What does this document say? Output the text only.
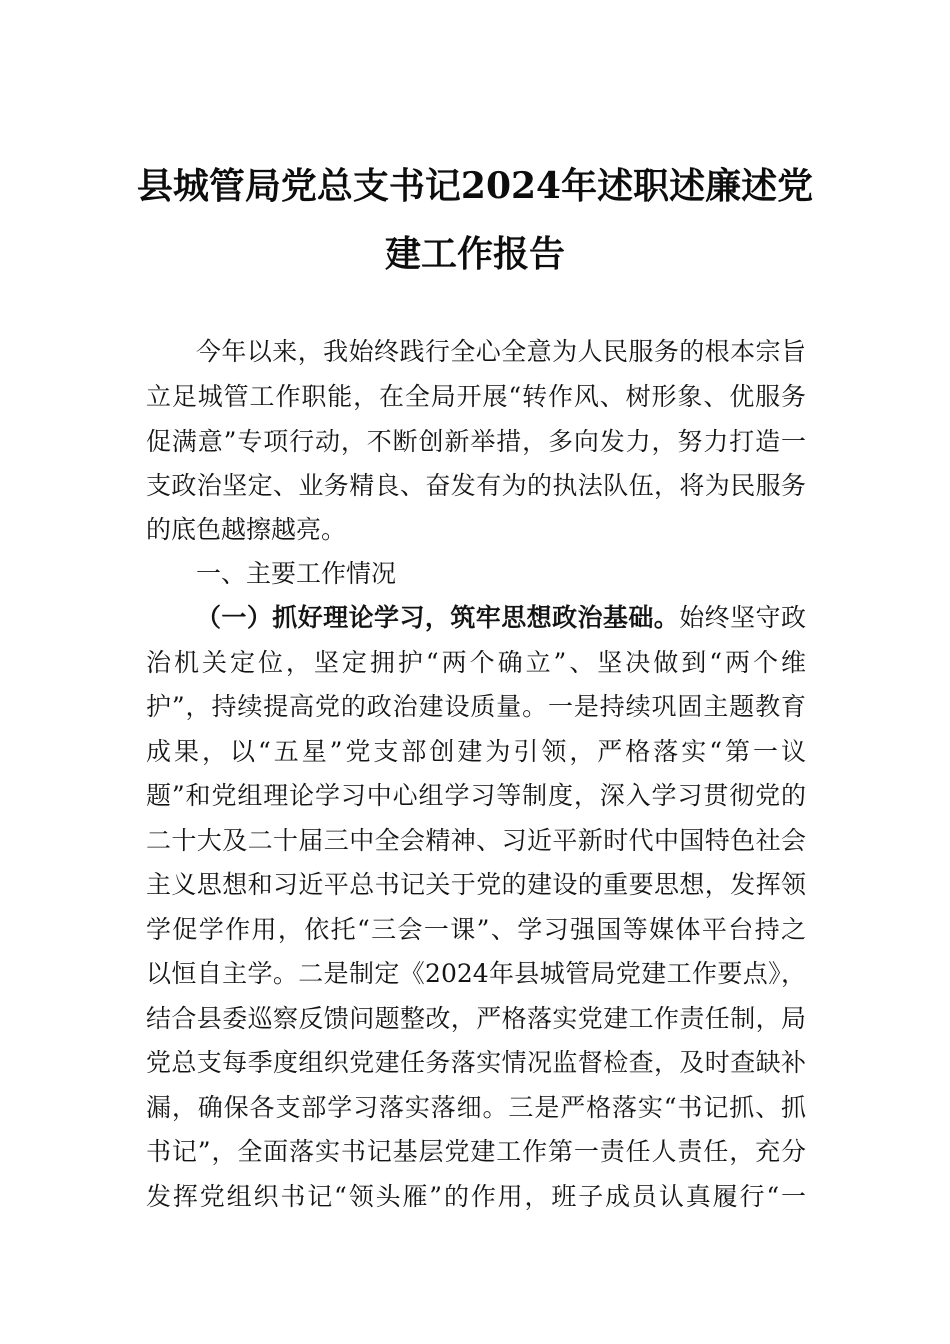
县城管局党总支书记2024年述职述廉述党
建工作报告
今年以来，我始终践行全心全意为人民服务的根本宗旨
立足城管工作职能，在全局开展“转作风、树形象、优服务
促满意”专项行动，不断创新举措，多向发力，努力打造一
支政治坚定、业务精良、奋发有为的执法队伍，将为民服务
的底色越擦越亮。
一、主要工作情况
（一）抓好理论学习，筑牢思想政治基础。始终坚守政
治机关定位，坚定拥护“两个确立”、坚决做到“两个维
护”，持续提高党的政治建设质量。一是持续巩固主题教育
成果，以“五星”党支部创建为引领，严格落实“第一议
题”和党组理论学习中心组学习等制度，深入学习贯彻党的
二十大及二十届三中全会精神、习近平新时代中国特色社会
主义思想和习近平总书记关于党的建设的重要思想，发挥领
学促学作用，依托“三会一课”、学习强国等媒体平台持之
以恒自主学。二是制定《2024年县城管局党建工作要点》，
结合县委巡察反馈问题整改，严格落实党建工作责任制，局
党总支每季度组织党建任务落实情况监督检查，及时查缺补
漏，确保各支部学习落实落细。三是严格落实“书记抓、抓
书记”，全面落实书记基层党建工作第一责任人责任，充分
发挥党组织书记“领头雁”的作用，班子成员认真履行“一
